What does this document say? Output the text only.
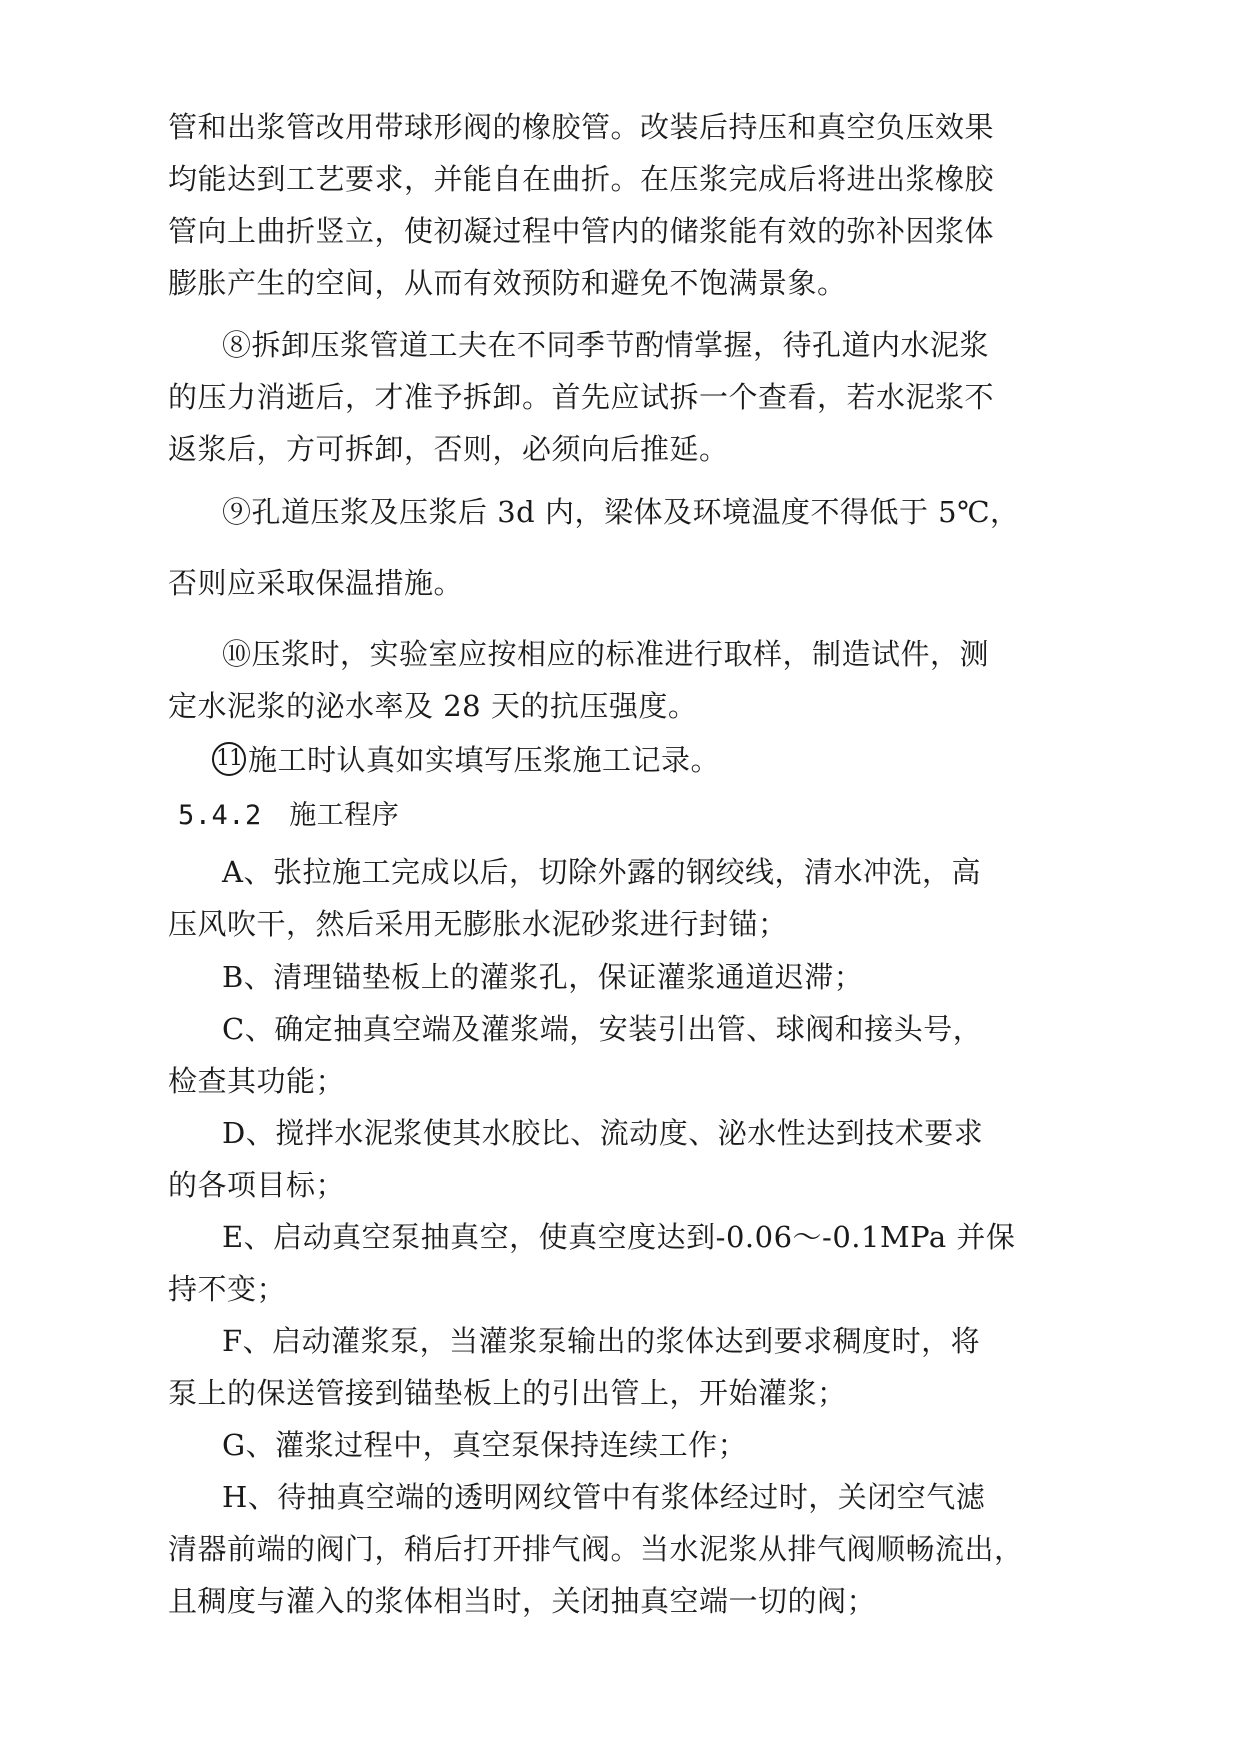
管和出浆管改用带球形阀的橡胶管。改装后持压和真空负压效果
均能达到工艺要求，并能自在曲折。在压浆完成后将进出浆橡胶
管向上曲折竖立，使初凝过程中管内的储浆能有效的弥补因浆体
膨胀产生的空间，从而有效预防和避免不饱满景象。
⑧拆卸压浆管道工夫在不同季节酌情掌握，待孔道内水泥浆
的压力消逝后，才准予拆卸。首先应试拆一个查看，若水泥浆不
返浆后，方可拆卸，否则，必须向后推延。
⑨孔道压浆及压浆后 3d 内，梁体及环境温度不得低于 5℃，
否则应采取保温措施。
⑩压浆时，实验室应按相应的标准进行取样，制造试件，测
定水泥浆的泌水率及 28 天的抗压强度。
11 施工时认真如实填写压浆施工记录。
5.4.2　施工程序
A、张拉施工完成以后，切除外露的钢绞线，清水冲洗，高
压风吹干，然后采用无膨胀水泥砂浆进行封锚；
B、清理锚垫板上的灌浆孔，保证灌浆通道迟滞；
C、确定抽真空端及灌浆端，安装引出管、球阀和接头号，
检查其功能；
D、搅拌水泥浆使其水胶比、流动度、泌水性达到技术要求
的各项目标；
E、启动真空泵抽真空，使真空度达到-0.06～-0.1MPa 并保
持不变；
F、启动灌浆泵，当灌浆泵输出的浆体达到要求稠度时，将
泵上的保送管接到锚垫板上的引出管上，开始灌浆；
G、灌浆过程中，真空泵保持连续工作；
H、待抽真空端的透明网纹管中有浆体经过时，关闭空气滤
清器前端的阀门，稍后打开排气阀。当水泥浆从排气阀顺畅流出，
且稠度与灌入的浆体相当时，关闭抽真空端一切的阀；
